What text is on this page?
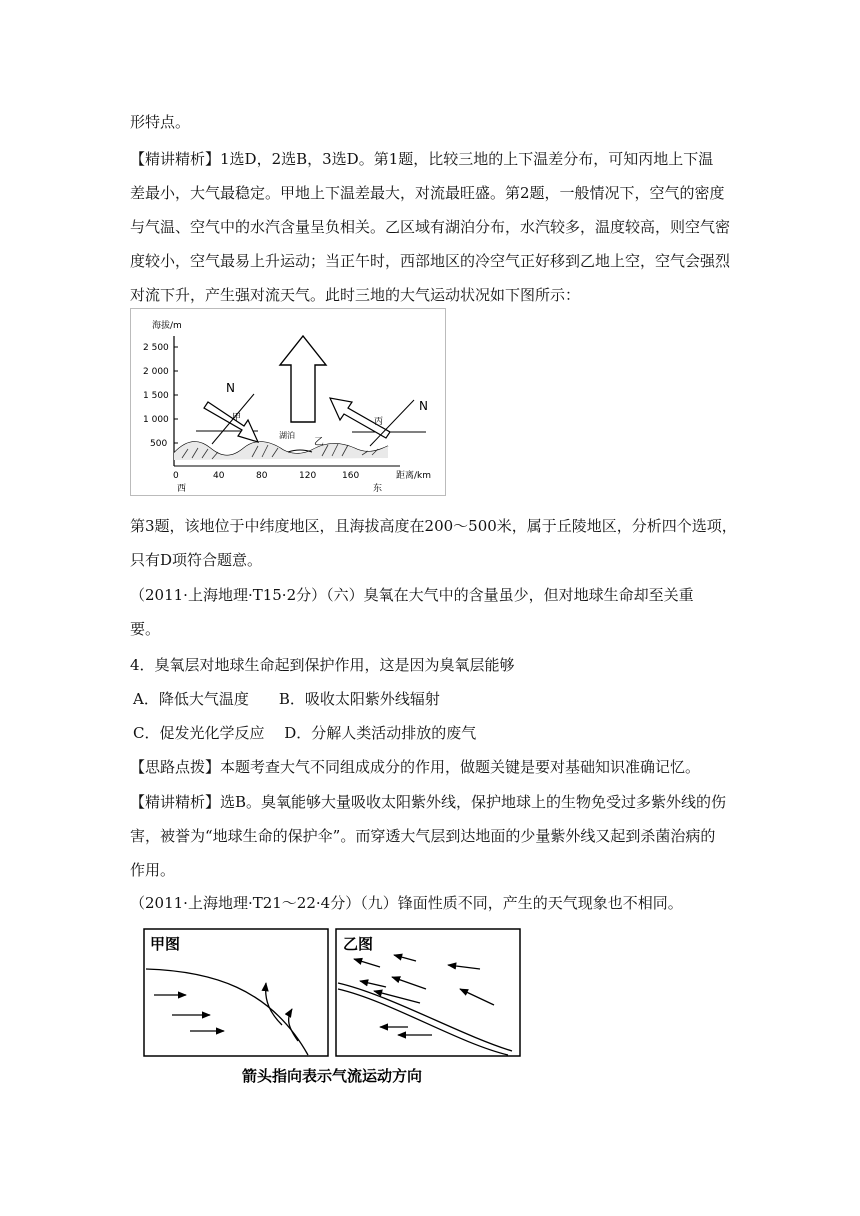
形特点。
【精讲精析】1选D，2选B，3选D。第1题，比较三地的上下温差分布，可知丙地上下温
差最小，大气最稳定。甲地上下温差最大，对流最旺盛。第2题，一般情况下，空气的密度
与气温、空气中的水汽含量呈负相关。乙区域有湖泊分布，水汽较多，温度较高，则空气密
度较小，空气最易上升运动；当正午时，西部地区的冷空气正好移到乙地上空，空气会强烈
对流下升，产生强对流天气。此时三地的大气运动状况如下图所示：
海拔/m
2 500
2 000
1 500
1 000
500
0	40	80	120	160	距离/km
西	东
N
甲
湖泊
乙
N
丙
第3题，该地位于中纬度地区，且海拔高度在200～500米，属于丘陵地区，分析四个选项，
只有D项符合题意。
（2011·上海地理·T15·2分）（六）臭氧在大气中的含量虽少，但对地球生命却至关重
要。
4．臭氧层对地球生命起到保护作用，这是因为臭氧层能够
A．降低大气温度　　B．吸收太阳紫外线辐射
C．促发光化学反应　 D．分解人类活动排放的废气
【思路点拨】本题考查大气不同组成成分的作用，做题关键是要对基础知识准确记忆。
【精讲精析】选B。臭氧能够大量吸收太阳紫外线，保护地球上的生物免受过多紫外线的伤
害，被誉为“地球生命的保护伞”。而穿透大气层到达地面的少量紫外线又起到杀菌治病的
作用。
（2011·上海地理·T21～22·4分）（九）锋面性质不同，产生的天气现象也不相同。
甲图	乙图
箭头指向表示气流运动方向
